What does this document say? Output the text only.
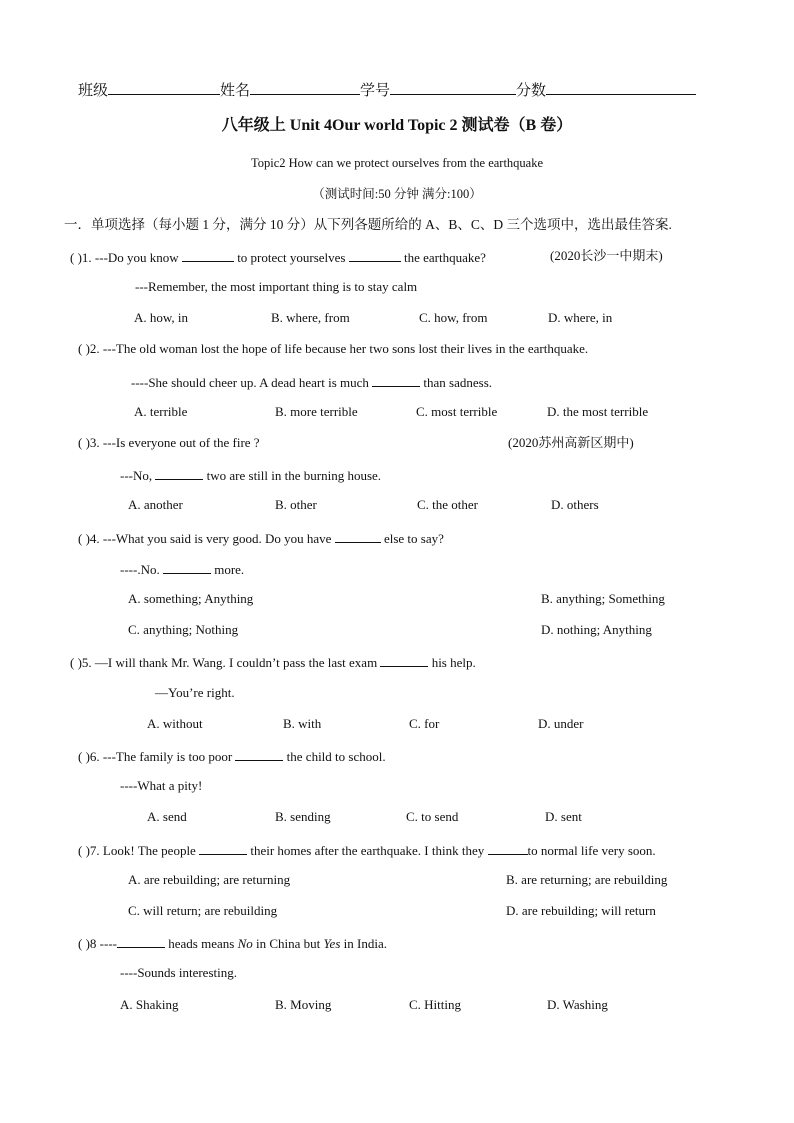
班级	姓名	学号	分数
八年级上 Unit 4Our world Topic 2 测试卷（B 卷）
Topic2 How can we protect ourselves from the earthquake
（测试时间:50 分钟 满分:100）
一．单项选择（每小题 1 分，满分 10 分）从下列各题所给的 A、B、C、D 三个选项中，选出最佳答案.
( )1. ---Do you know	to protect yourselves	the earthquake?	(2020长沙一中期末)
---Remember, the most important thing is to stay calm
A. how, in	B. where, from	C. how, from	D. where, in
( )2. ---The old woman lost the hope of life because her two sons lost their lives in the earthquake.
----She should cheer up. A dead heart is much	than sadness.
A. terrible	B. more terrible	C. most terrible	D. the most terrible
( )3. ---Is everyone out of the fire ?	(2020苏州高新区期中)
---No,	two are still in the burning house.
A. another	B. other	C. the other	D. others
( )4. ---What you said is very good. Do you have	else to say?
----.No.	more.
A. something; Anything	B. anything; Something
C. anything; Nothing	D. nothing; Anything
( )5. —I will thank Mr. Wang. I couldn’t pass the last exam	his help.
—You’re right.
A. without	B. with	C. for	D. under
( )6. ---The family is too poor	the child to school.
----What a pity!
A. send	B. sending	C. to send	D. sent
( )7. Look! The people	their homes after the earthquake. I think they	to normal life very soon.
A. are rebuilding; are returning	B. are returning; are rebuilding
C. will return; are rebuilding	D. are rebuilding; will return
( )8 ----	heads means No in China but Yes in India.
----Sounds interesting.
A. Shaking	B. Moving	C. Hitting	D. Washing
